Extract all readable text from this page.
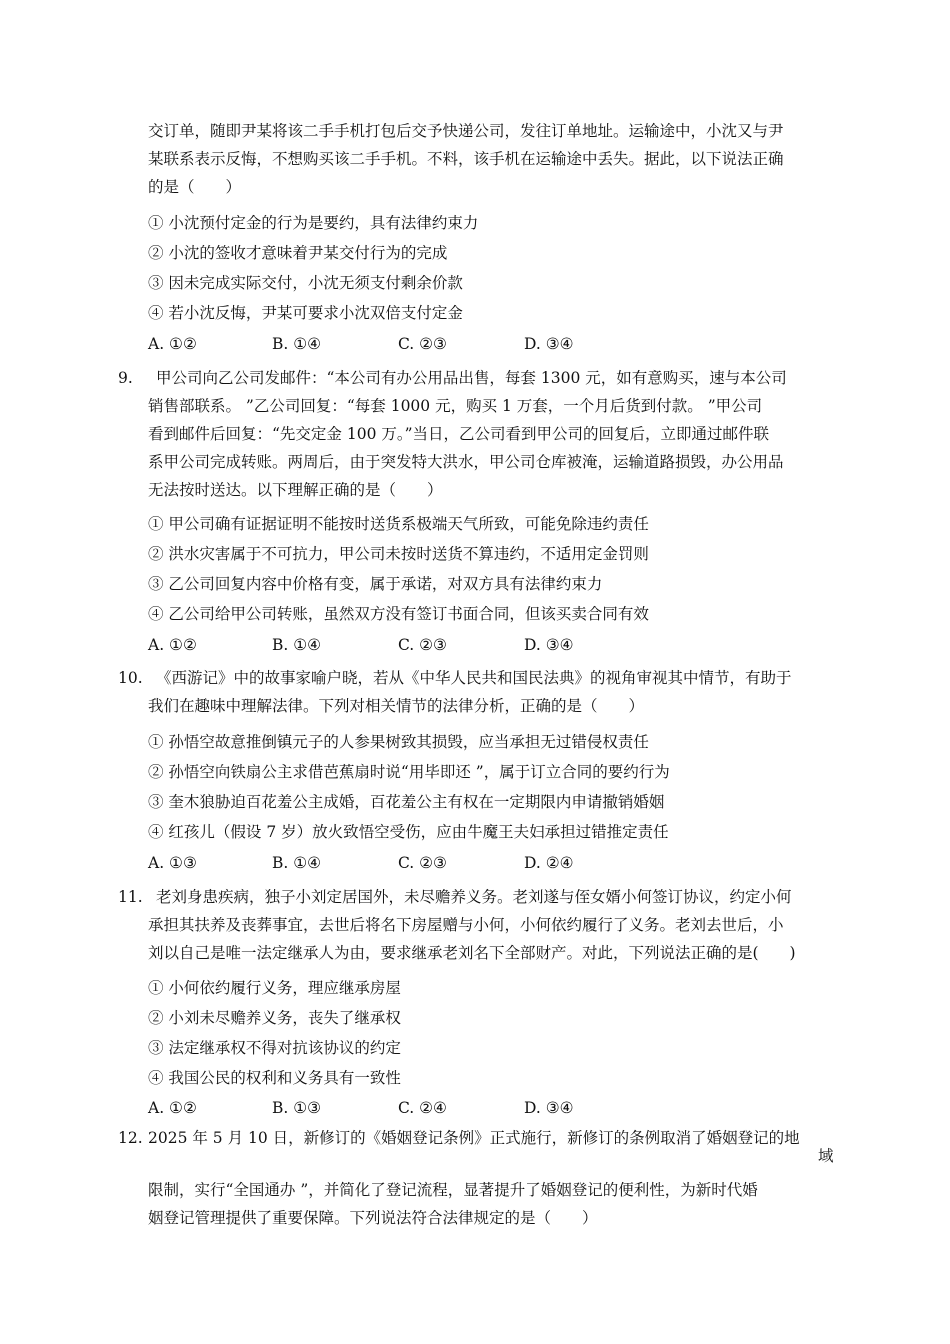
交订单，随即尹某将该二手手机打包后交予快递公司，发往订单地址。运输途中，小沈又与尹
某联系表示反悔，不想购买该二手手机。不料，该手机在运输途中丢失。据此，以下说法正确
的是（　　）
① 小沈预付定金的行为是要约，具有法律约束力
② 小沈的签收才意味着尹某交付行为的完成
③ 因未完成实际交付，小沈无须支付剩余价款
④ 若小沈反悔，尹某可要求小沈双倍支付定金
A. ①②	B. ①④	C. ②③	D. ③④
9. 甲公司向乙公司发邮件：“本公司有办公用品出售，每套 1300 元，如有意购买，速与本公司
销售部联系。 ”乙公司回复：“每套 1000 元，购买 1 万套，一个月后货到付款。 ”甲公司
看到邮件后回复：“先交定金 100 万。”当日，乙公司看到甲公司的回复后，立即通过邮件联
系甲公司完成转账。两周后，由于突发特大洪水，甲公司仓库被淹，运输道路损毁，办公用品
无法按时送达。以下理解正确的是（　　）
① 甲公司确有证据证明不能按时送货系极端天气所致，可能免除违约责任
② 洪水灾害属于不可抗力，甲公司未按时送货不算违约，不适用定金罚则
③ 乙公司回复内容中价格有变，属于承诺，对双方具有法律约束力
④ 乙公司给甲公司转账，虽然双方没有签订书面合同，但该买卖合同有效
A. ①②	B. ①④	C. ②③	D. ③④
10. 《西游记》中的故事家喻户晓，若从《中华人民共和国民法典》的视角审视其中情节，有助于
我们在趣味中理解法律。下列对相关情节的法律分析，正确的是（　　）
① 孙悟空故意推倒镇元子的人参果树致其损毁，应当承担无过错侵权责任
② 孙悟空向铁扇公主求借芭蕉扇时说“用毕即还 ”，属于订立合同的要约行为
③ 奎木狼胁迫百花羞公主成婚，百花羞公主有权在一定期限内申请撤销婚姻
④ 红孩儿（假设 7 岁）放火致悟空受伤，应由牛魔王夫妇承担过错推定责任
A. ①③	B. ①④	C. ②③	D. ②④
11. 老刘身患疾病，独子小刘定居国外，未尽赡养义务。老刘遂与侄女婿小何签订协议，约定小何
承担其扶养及丧葬事宜，去世后将名下房屋赠与小何，小何依约履行了义务。老刘去世后，小
刘以自己是唯一法定继承人为由，要求继承老刘名下全部财产。对此，下列说法正确的是(　　)
① 小何依约履行义务，理应继承房屋
② 小刘未尽赡养义务，丧失了继承权
③ 法定继承权不得对抗该协议的约定
④ 我国公民的权利和义务具有一致性
A. ①②	B. ①③	C. ②④	D. ③④
12. 2025 年 5 月 10 日，新修订的《婚姻登记条例》正式施行，新修订的条例取消了婚姻登记的地
域
限制，实行“全国通办 ”，并简化了登记流程，显著提升了婚姻登记的便利性，为新时代婚
姻登记管理提供了重要保障。下列说法符合法律规定的是（　　）
